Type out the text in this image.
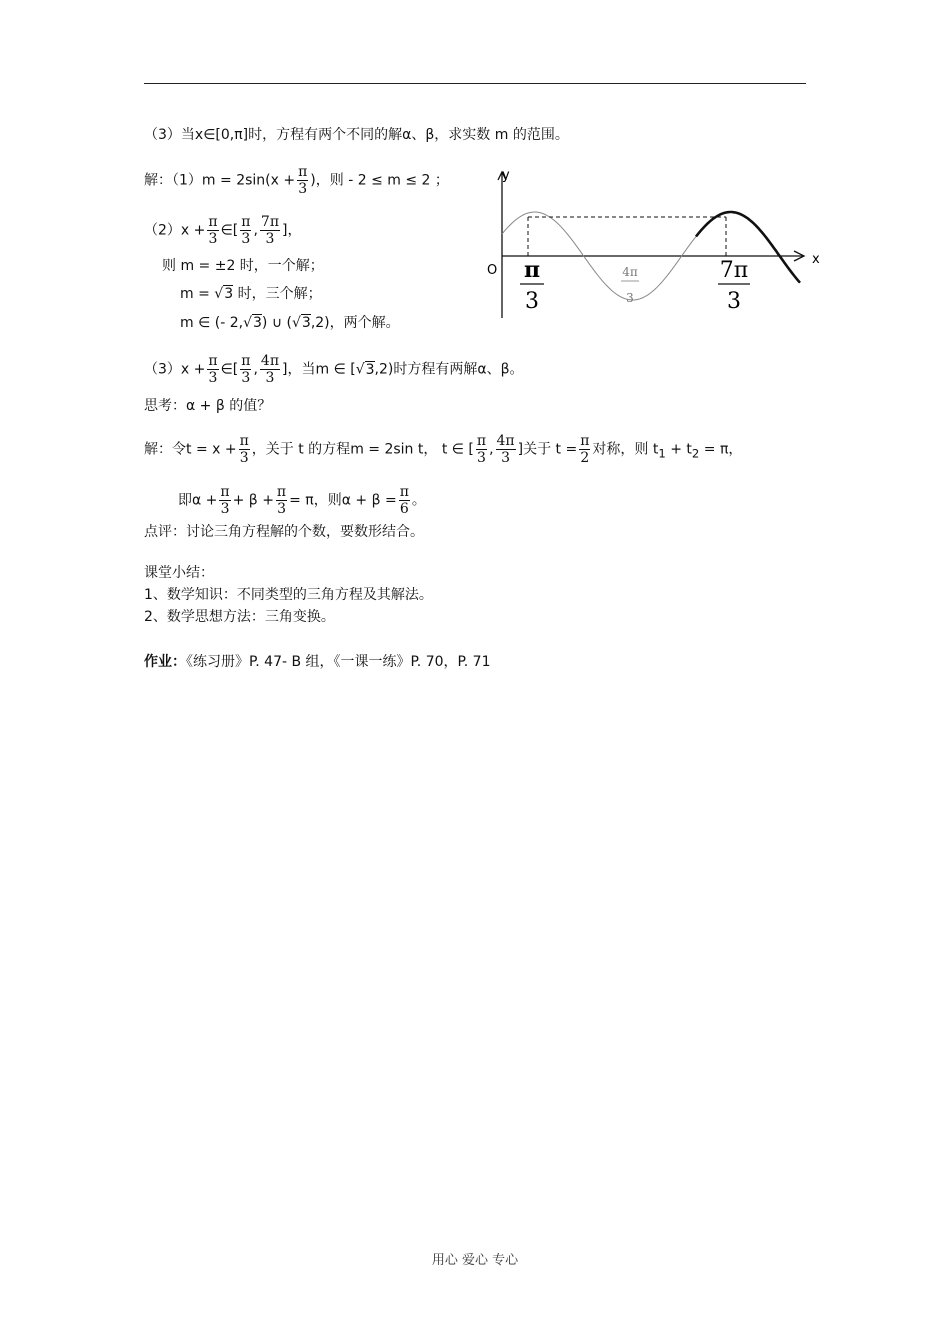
（3）当x∈[0,π]时，方程有两个不同的解α、β，求实数 m 的范围。
解：$(1)m = 2\sin(x + \frac{\pi}{3}$ )，则 - 2 ≤ m ≤ 2 ；
$(2)x + \frac{\pi}{3}$ ∈[ $\frac{\pi}{3}$ , $\frac{7\pi}{3}$ ]，
则 m = ±2 时，一个解；
m = √3 时，三个解；
m ∈ (- 2,√3) ∪ (√3,2)，两个解。
$(3)x + \frac{\pi}{3}$ ∈[ $\frac{\pi}{3}$ , $\frac{4\pi}{3}$ ]，当m ∈ [√3,2)时方程有两解α、β。
思考：α + β 的值？
解：令$t = x + \frac{\pi}{3}$ ，关于 t 的方程m = 2sin t， t ∈ [ $\frac{\pi}{3}$ , $\frac{4\pi}{3}$ ]关于 $t = \frac{\pi}{2}$ 对称，则 $t_1 + t_2 = \pi$，
即$\alpha + \frac{\pi}{3} + \beta + \frac{\pi}{3} = \pi$，则$\alpha + \beta = \frac{\pi}{6}$ 。
点评：讨论三角方程解的个数，要数形结合。
课堂小结：
1、数学知识：不同类型的三角方程及其解法。
2、数学思想方法：三角变换。
作业：《练习册》P. 47- B 组，《一课一练》P. 70，P. 71
y
x
O π
3
4π
3
7π
3
用心 爱心 专心
